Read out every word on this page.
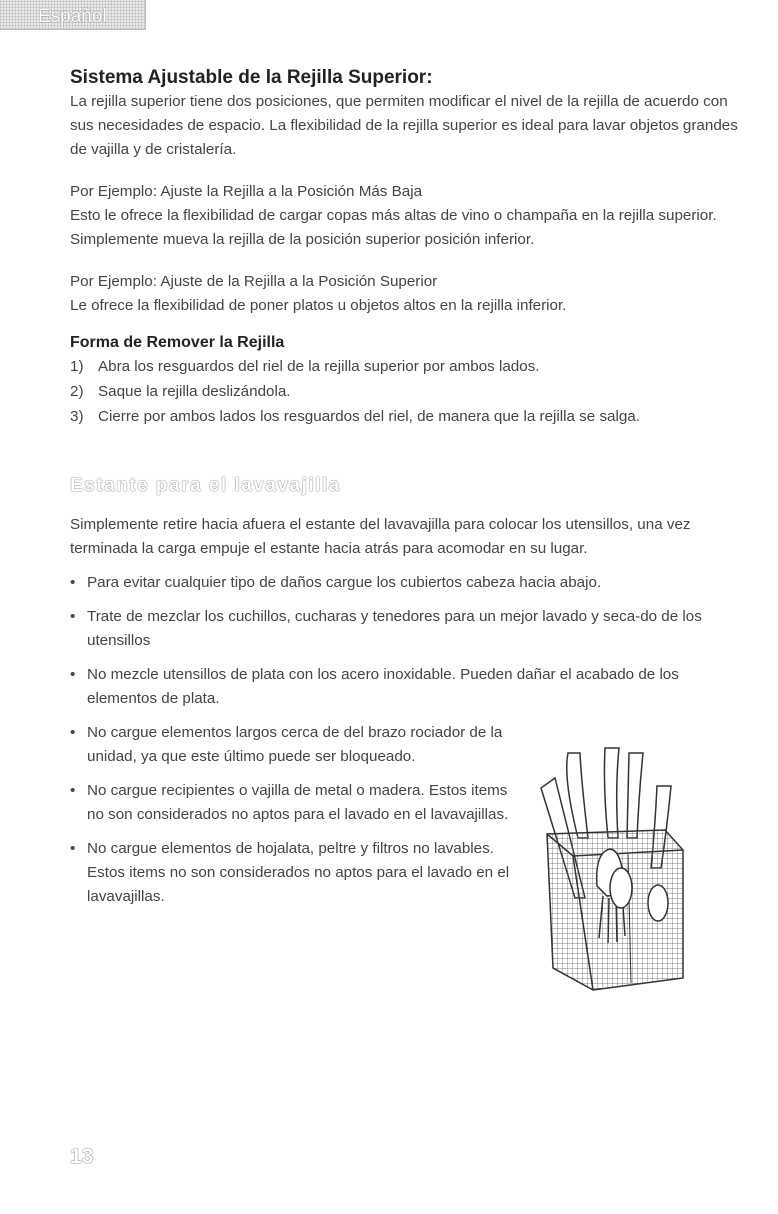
Español
Sistema Ajustable de la Rejilla Superior:

La rejilla superior tiene dos posiciones, que permiten modificar el nivel de la rejilla de acuerdo con sus necesidades de espacio. La flexibilidad de la rejilla superior es ideal para lavar objetos grandes de vajilla y de cristalería.

Por Ejemplo: Ajuste la Rejilla a la Posición Más Baja

Esto le ofrece la flexibilidad de cargar copas más altas de vino o champaña en la rejilla superior. Simplemente mueva la rejilla de la posición superior posición inferior.

Por Ejemplo: Ajuste de la Rejilla a la Posición Superior

Le ofrece la flexibilidad de poner platos u objetos altos en la rejilla inferior.

Forma de Remover la Rejilla
1) Abra los resguardos del riel de la rejilla superior por ambos lados.
2) Saque la rejilla deslizándola.
3) Cierre por ambos lados los resguardos del riel, de manera que la rejilla se salga.
Estante para el lavavajilla

Simplemente retire hacia afuera el estante del lavavajilla para colocar los utensillos, una vez terminada la carga empuje el estante hacia atrás para acomodar en su lugar.

• Para evitar cualquier tipo de daños cargue los cubiertos cabeza hacia abajo.
• Trate de mezclar los cuchillos, cucharas y tenedores para un mejor lavado y seca-do de los utensillos
• No mezcle utensillos de plata con los acero inoxidable. Pueden dañar el acabado de los elementos de plata.
• No cargue elementos largos cerca de del brazo rociador de la unidad, ya que este último puede ser bloqueado.
• No cargue recipientes o vajilla de metal o madera. Estos items no son considerados no aptos para el lavado en el lavavajillas.
• No cargue elementos de hojalata, peltre y filtros no lavables. Estos items no son considerados no aptos para el lavado en el lavavajillas.
13
